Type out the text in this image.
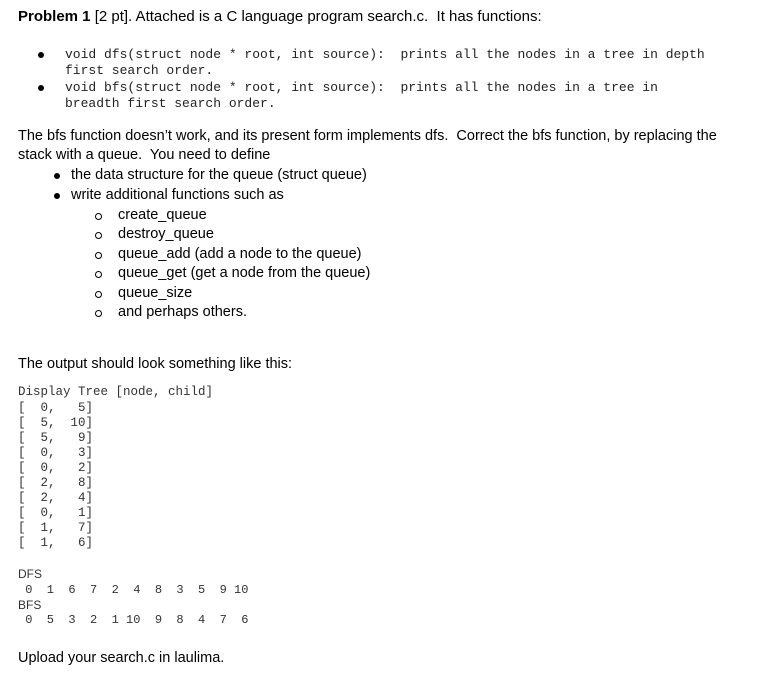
Problem 1 [2 pt]. Attached is a C language program search.c.  It has functions:
void dfs(struct node * root, int source):  prints all the nodes in a tree in depth
first search order.
void bfs(struct node * root, int source):  prints all the nodes in a tree in
breadth first search order.
The bfs function doesn’t work, and its present form implements dfs.  Correct the bfs function, by replacing the
stack with a queue.  You need to define
the data structure for the queue (struct queue)
write additional functions such as
create_queue
destroy_queue
queue_add (add a node to the queue)
queue_get (get a node from the queue)
queue_size
and perhaps others.
The output should look something like this:
Display Tree [node, child]
[  0,   5]
[  5,  10]
[  5,   9]
[  0,   3]
[  0,   2]
[  2,   8]
[  2,   4]
[  0,   1]
[  1,   7]
[  1,   6]
DFS
0  1  6  7  2  4  8  3  5  9 10
BFS
0  5  3  2  1 10  9  8  4  7  6
Upload your search.c in laulima.
